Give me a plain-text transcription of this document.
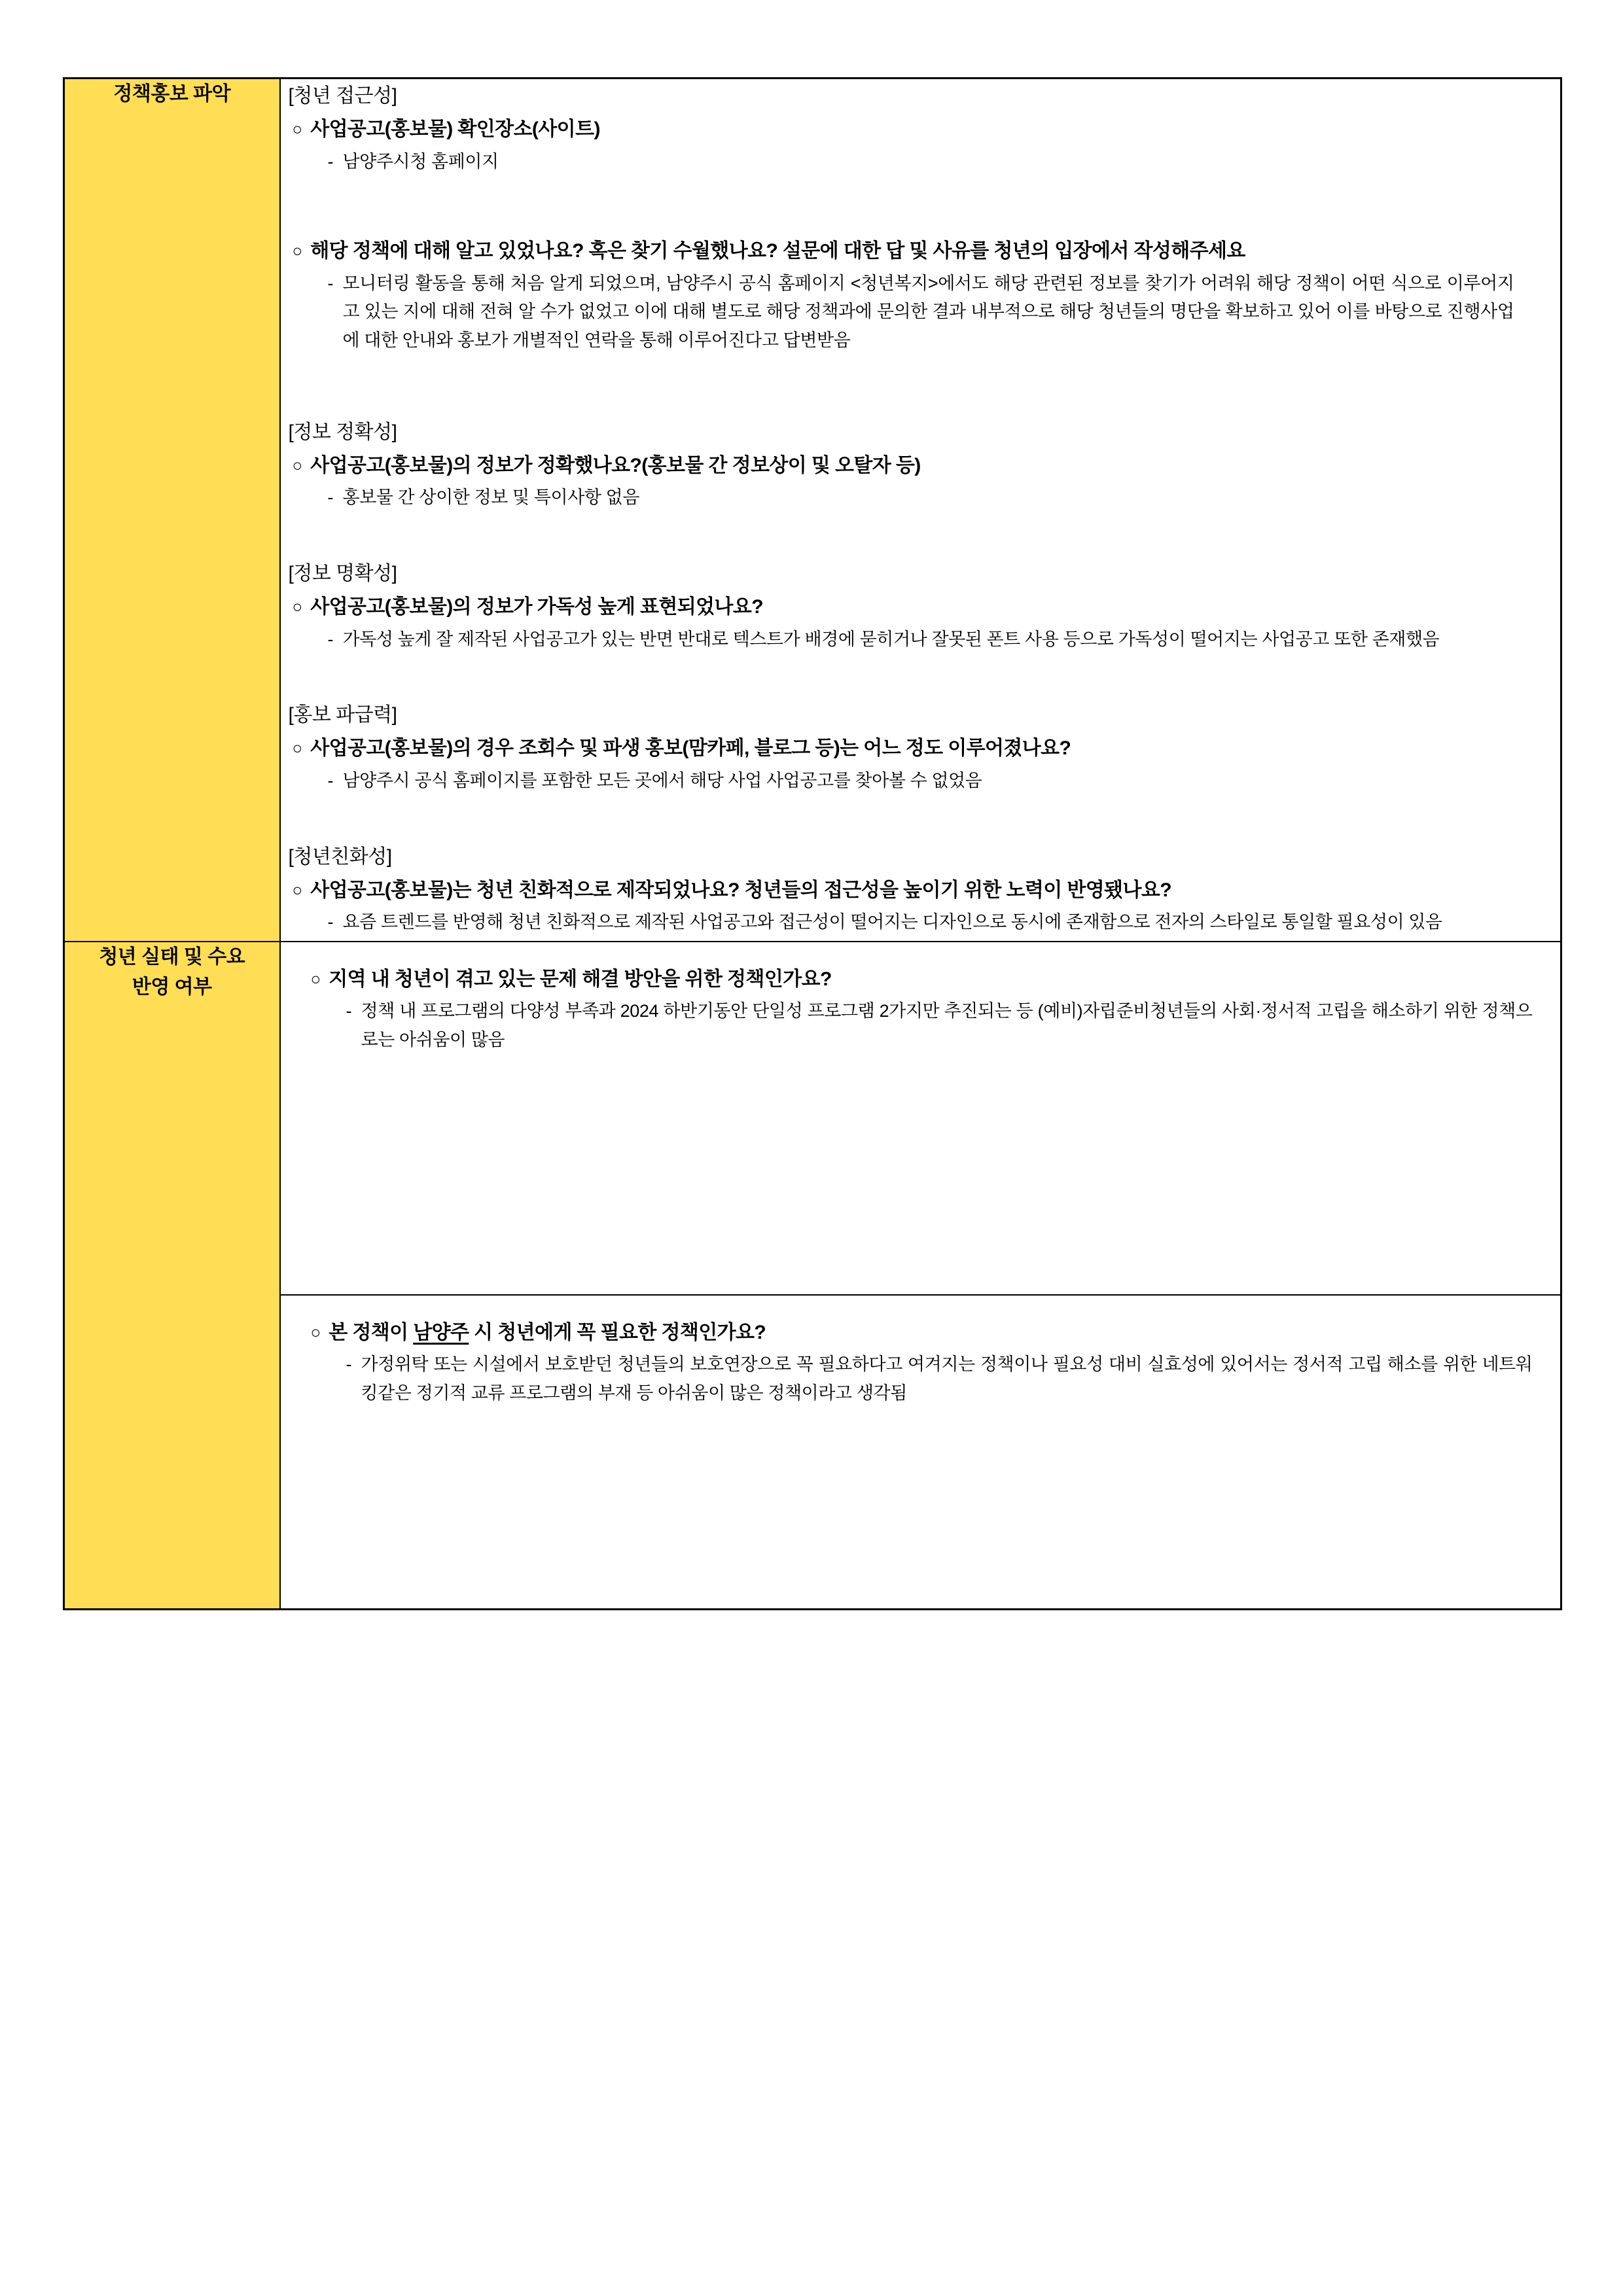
정책홍보 파악	[청년 접근성]
○ 사업공고(홍보물) 확인장소(사이트)
- 남양주시청 홈페이지
○ 해당 정책에 대해 알고 있었나요? 혹은 찾기 수월했나요? 설문에 대한 답 및 사유를 청년의 입장에서 작성해주세요
- 모니터링 활동을 통해 처음 알게 되었으며, 남양주시 공식 홈페이지 <청년복지>에서도 해당 관련된 정보를 찾기가 어려워 해당 정책이 어떤 식으로 이루어지고 있는 지에 대해 전혀 알 수가 없었고 이에 대해 별도로 해당 정책과에 문의한 결과 내부적으로 해당 청년들의 명단을 확보하고 있어 이를 바탕으로 진행사업에 대한 안내와 홍보가 개별적인 연락을 통해 이루어진다고 답변받음
[정보 정확성]
○ 사업공고(홍보물)의 정보가 정확했나요?(홍보물 간 정보상이 및 오탈자 등)
- 홍보물 간 상이한 정보 및 특이사항 없음
[정보 명확성]
○ 사업공고(홍보물)의 정보가 가독성 높게 표현되었나요?
- 가독성 높게 잘 제작된 사업공고가 있는 반면 반대로 텍스트가 배경에 묻히거나 잘못된 폰트 사용 등으로 가독성이 떨어지는 사업공고 또한 존재했음
[홍보 파급력]
○ 사업공고(홍보물)의 경우 조회수 및 파생 홍보(맘카페, 블로그 등)는 어느 정도 이루어졌나요?
- 남양주시 공식 홈페이지를 포함한 모든 곳에서 해당 사업 사업공고를 찾아볼 수 없었음
[청년친화성]
○ 사업공고(홍보물)는 청년 친화적으로 제작되었나요? 청년들의 접근성을 높이기 위한 노력이 반영됐나요?
- 요즘 트렌드를 반영해 청년 친화적으로 제작된 사업공고와 접근성이 떨어지는 디자인으로 동시에 존재함으로 전자의 스타일로 통일할 필요성이 있음

청년 실태 및 수요
반영 여부	○ 지역 내 청년이 겪고 있는 문제 해결 방안을 위한 정책인가요?
- 정책 내 프로그램의 다양성 부족과 2024 하반기동안 단일성 프로그램 2가지만 추진되는 등 (예비)자립준비청년들의 사회·정서적 고립을 해소하기 위한 정책으로는 아쉬움이 많음
○ 본 정책이 남양주 시 청년에게 꼭 필요한 정책인가요?
- 가정위탁 또는 시설에서 보호받던 청년들의 보호연장으로 꼭 필요하다고 여겨지는 정책이나 필요성 대비 실효성에 있어서는 정서적 고립 해소를 위한 네트워킹같은 정기적 교류 프로그램의 부재 등 아쉬움이 많은 정책이라고 생각됨
